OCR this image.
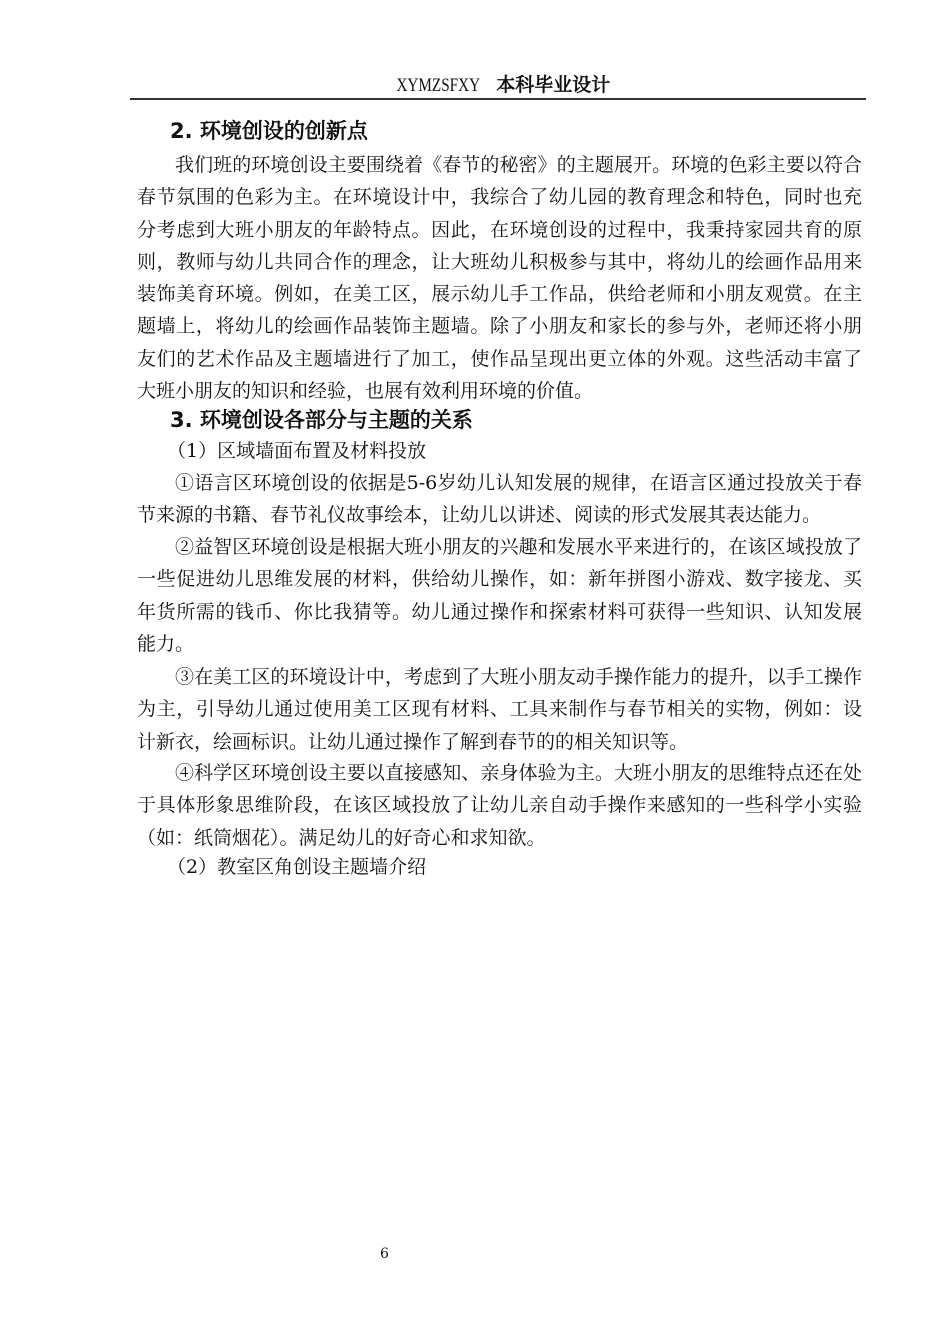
XYMZSFXY 本科毕业设计
2. 环境创设的创新点
我们班的环境创设主要围绕着《春节的秘密》的主题展开。环境的色彩主要以符合
春节氛围的色彩为主。在环境设计中，我综合了幼儿园的教育理念和特色，同时也充
分考虑到大班小朋友的年龄特点。因此，在环境创设的过程中，我秉持家园共育的原
则，教师与幼儿共同合作的理念，让大班幼儿积极参与其中，将幼儿的绘画作品用来
装饰美育环境。例如，在美工区，展示幼儿手工作品，供给老师和小朋友观赏。在主
题墙上，将幼儿的绘画作品装饰主题墙。除了小朋友和家长的参与外，老师还将小朋
友们的艺术作品及主题墙进行了加工，使作品呈现出更立体的外观。这些活动丰富了
大班小朋友的知识和经验，也展有效利用环境的价值。
3. 环境创设各部分与主题的关系
（1）区域墙面布置及材料投放
①语言区环境创设的依据是5-6岁幼儿认知发展的规律，在语言区通过投放关于春
节来源的书籍、春节礼仪故事绘本，让幼儿以讲述、阅读的形式发展其表达能力。
②益智区环境创设是根据大班小朋友的兴趣和发展水平来进行的，在该区域投放了
一些促进幼儿思维发展的材料，供给幼儿操作，如：新年拼图小游戏、数字接龙、买
年货所需的钱币、你比我猜等。幼儿通过操作和探索材料可获得一些知识、认知发展
能力。
③在美工区的环境设计中，考虑到了大班小朋友动手操作能力的提升，以手工操作
为主，引导幼儿通过使用美工区现有材料、工具来制作与春节相关的实物，例如：设
计新衣，绘画标识。让幼儿通过操作了解到春节的的相关知识等。
④科学区环境创设主要以直接感知、亲身体验为主。大班小朋友的思维特点还在处
于具体形象思维阶段，在该区域投放了让幼儿亲自动手操作来感知的一些科学小实验
（如：纸筒烟花）。满足幼儿的好奇心和求知欲。
（2）教室区角创设主题墙介绍
6
